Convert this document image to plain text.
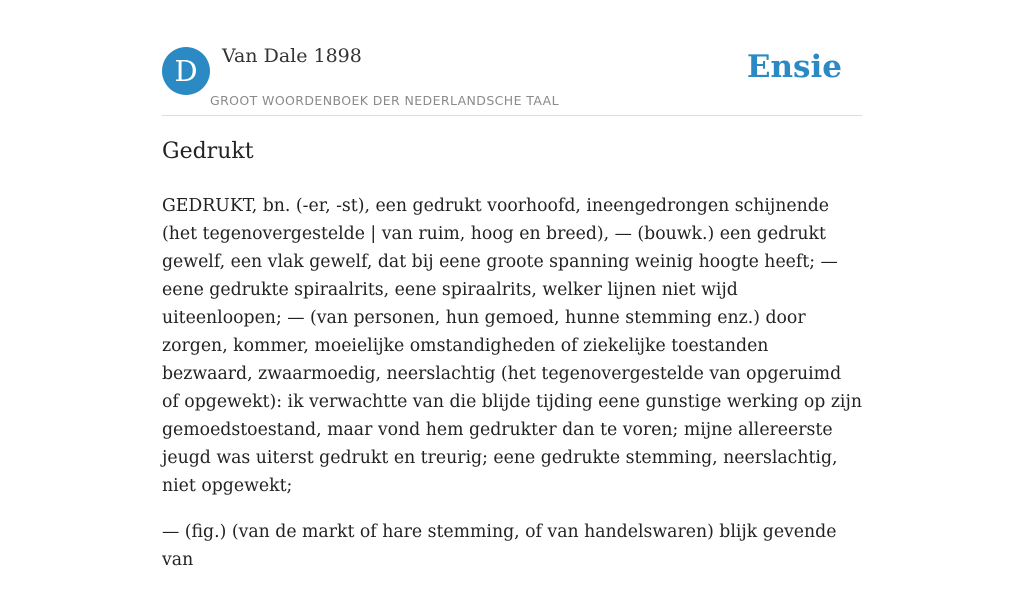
D	Van Dale 1898
GROOT WOORDENBOEK DER NEDERLANDSCHE TAAL
Ensie
Gedrukt

GEDRUKT, bn. (-er, -st), een gedrukt voorhoofd, ineengedrongen schijnende (het tegenovergestelde | van ruim, hoog en breed), — (bouwk.) een gedrukt gewelf, een vlak gewelf, dat bij eene groote spanning weinig hoogte heeft; — eene gedrukte spiraalrits, eene spiraalrits, welker lijnen niet wijd uiteenloopen; — (van personen, hun gemoed, hunne stemming enz.) door zorgen, kommer, moeielijke omstandigheden of ziekelijke toestanden bezwaard, zwaarmoedig, neerslachtig (het tegenovergestelde van opgeruimd of opgewekt): ik verwachtte van die blijde tijding eene gunstige werking op zijn gemoedstoestand, maar vond hem gedrukter dan te voren; mijne allereerste jeugd was uiterst gedrukt en treurig; eene gedrukte stemming, neerslachtig, niet opgewekt;

— (fig.) (van de markt of hare stemming, of van handelswaren) blijk gevende van
